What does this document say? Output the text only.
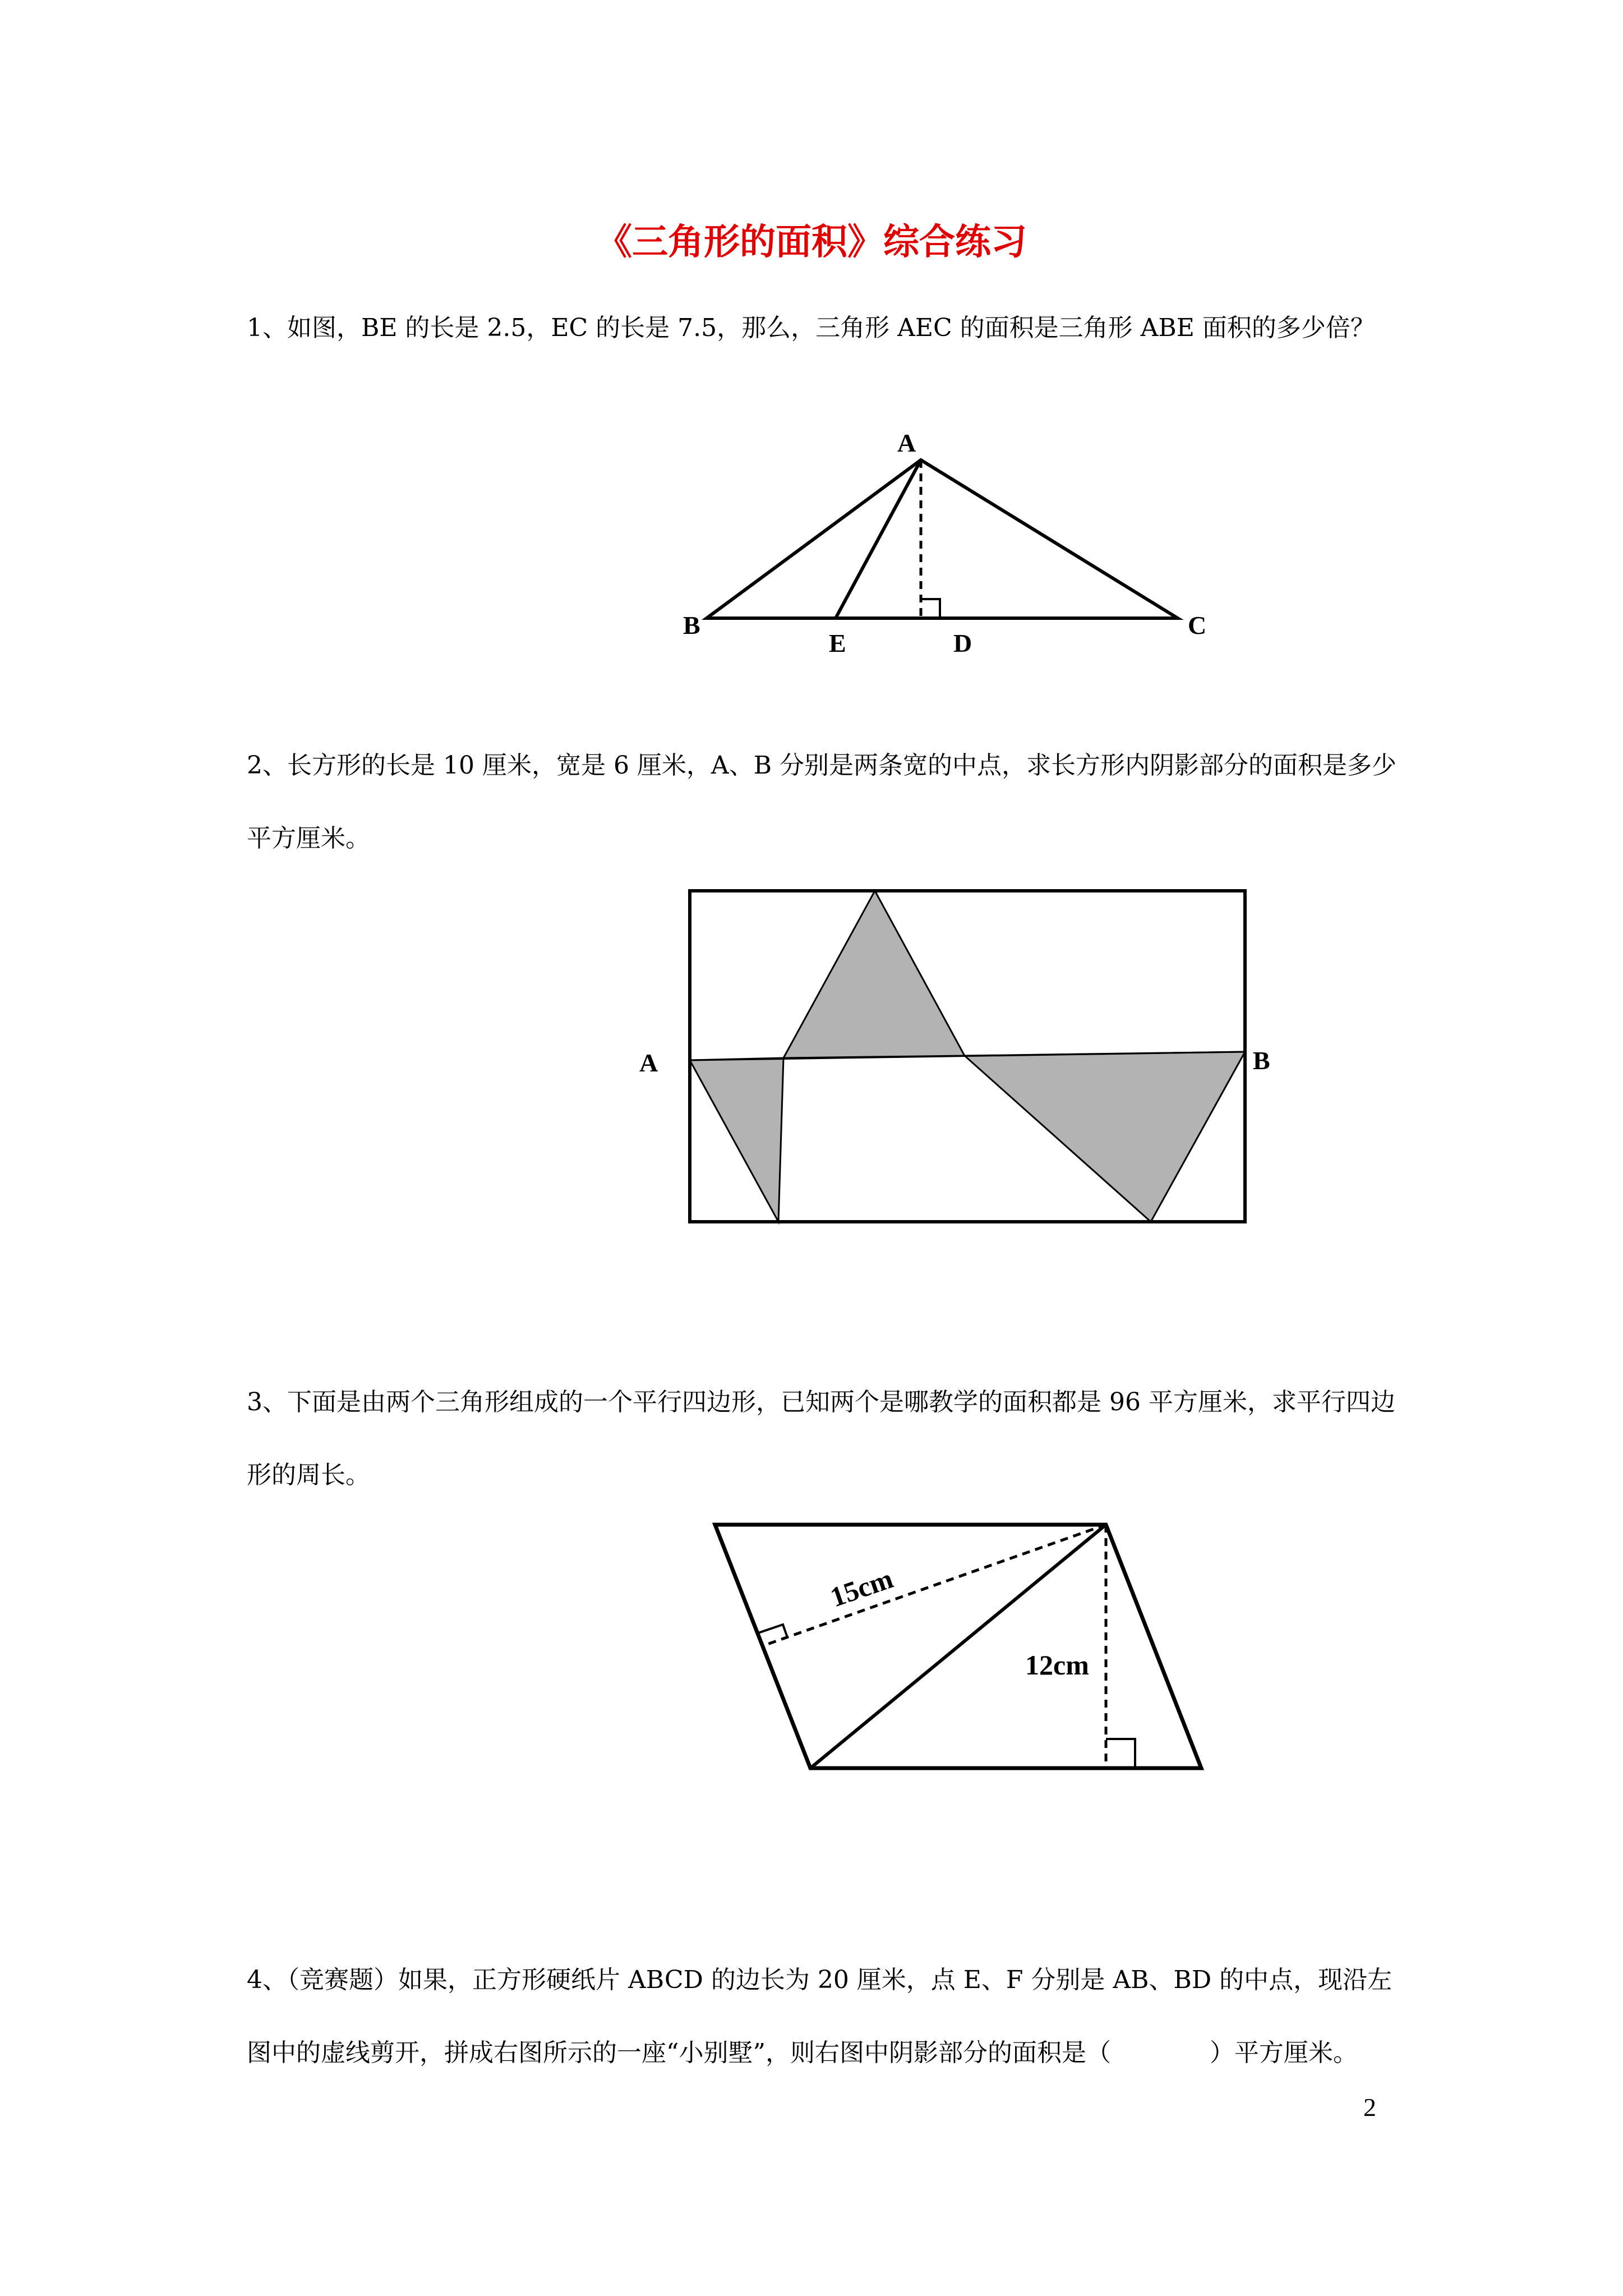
《三角形的面积》综合练习
1、如图，BE 的长是 2.5，EC 的长是 7.5，那么，三角形 AEC 的面积是三角形 ABE 面积的多少倍？
A
B
E	D
C
2、长方形的长是 10 厘米，宽是 6 厘米，A、B 分别是两条宽的中点，求长方形内阴影部分的面积是多少平方厘米。
A	B
3、下面是由两个三角形组成的一个平行四边形，已知两个是哪教学的面积都是 96 平方厘米，求平行四边形的周长。
15cm
12cm
4、（竞赛题）如果，正方形硬纸片 ABCD 的边长为 20 厘米，点 E、F 分别是 AB、BD 的中点，现沿左图中的虚线剪开，拼成右图所示的一座“小别墅”，则右图中阴影部分的面积是（　　　　）平方厘米。
2
